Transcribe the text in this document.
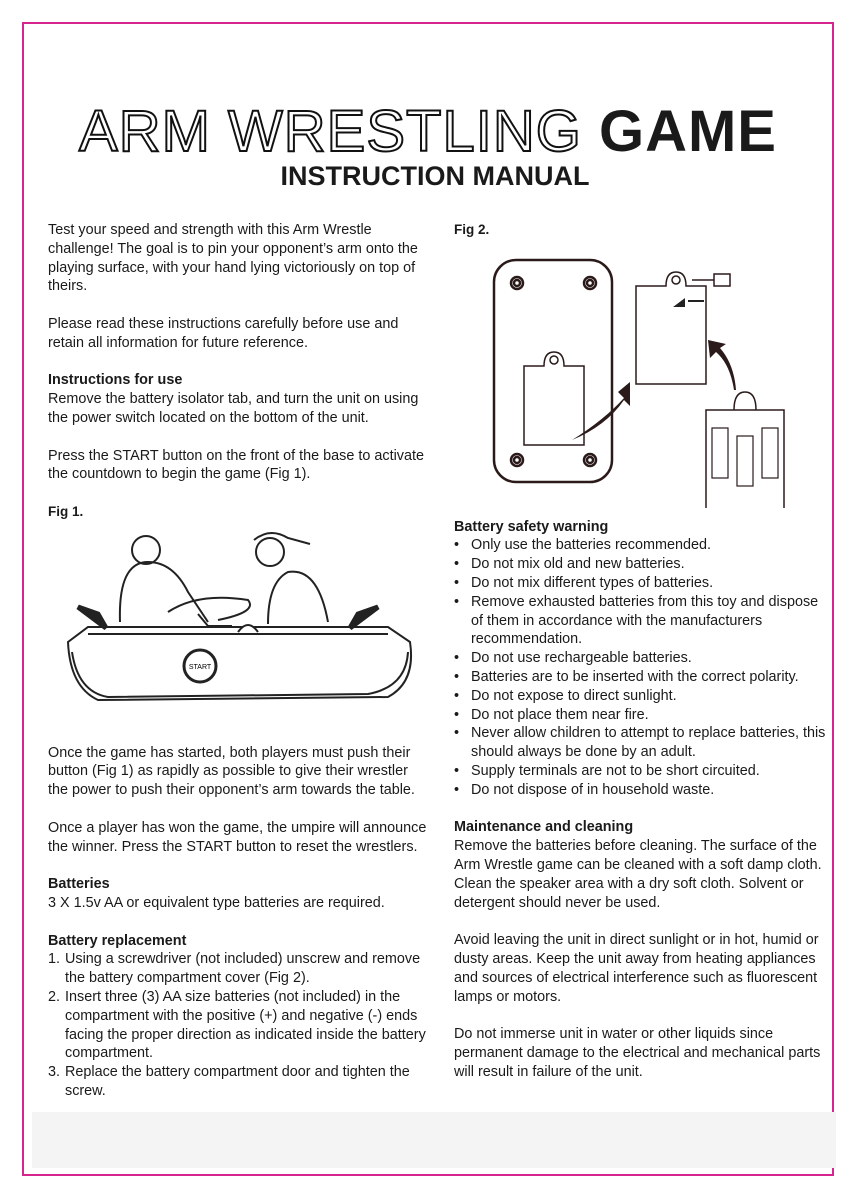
ARM WRESTLING GAME
INSTRUCTION MANUAL

Test your speed and strength with this Arm Wrestle challenge! The goal is to pin your opponent’s arm onto the playing surface, with your hand lying victoriously on top of theirs.

Please read these instructions carefully before use and retain all information for future reference.

Instructions for use

Remove the battery isolator tab, and turn the unit on using the power switch located on the bottom of the unit.

Press the START button on the front of the base to activate the countdown to begin the game (Fig 1).

Fig 1.

START

Once the game has started, both players must push their button (Fig 1) as rapidly as possible to give their wrestler the power to push their opponent’s arm towards the table.

Once a player has won the game, the umpire will announce the winner. Press the START button to reset the wrestlers.

Batteries

3 X 1.5v AA or equivalent type batteries are required.

Battery replacement
1. Using a screwdriver (not included) unscrew and remove the battery compartment cover (Fig 2).
2. Insert three (3) AA size batteries (not included) in the compartment with the positive (+) and negative (-) ends facing the proper direction as indicated inside the battery compartment.
3. Replace the battery compartment door and tighten the screw.

Fig 2.

Battery safety warning
• Only use the batteries recommended.
• Do not mix old and new batteries.
• Do not mix different types of batteries.
• Remove exhausted batteries from this toy and dispose of them in accordance with the manufacturers recommendation.
• Do not use rechargeable batteries.
• Batteries are to be inserted with the correct polarity.
• Do not expose to direct sunlight.
• Do not place them near fire.
• Never allow children to attempt to replace batteries, this should always be done by an adult.
• Supply terminals are not to be short circuited.
• Do not dispose of in household waste.
Maintenance and cleaning

Remove the batteries before cleaning. The surface of the Arm Wrestle game can be cleaned with a soft damp cloth. Clean the speaker area with a dry soft cloth. Solvent or detergent should never be used.

Avoid leaving the unit in direct sunlight or in hot, humid or dusty areas. Keep the unit away from heating appliances and sources of electrical interference such as fluorescent lamps or motors.

Do not immerse unit in water or other liquids since permanent damage to the electrical and mechanical parts will result in failure of the unit.
